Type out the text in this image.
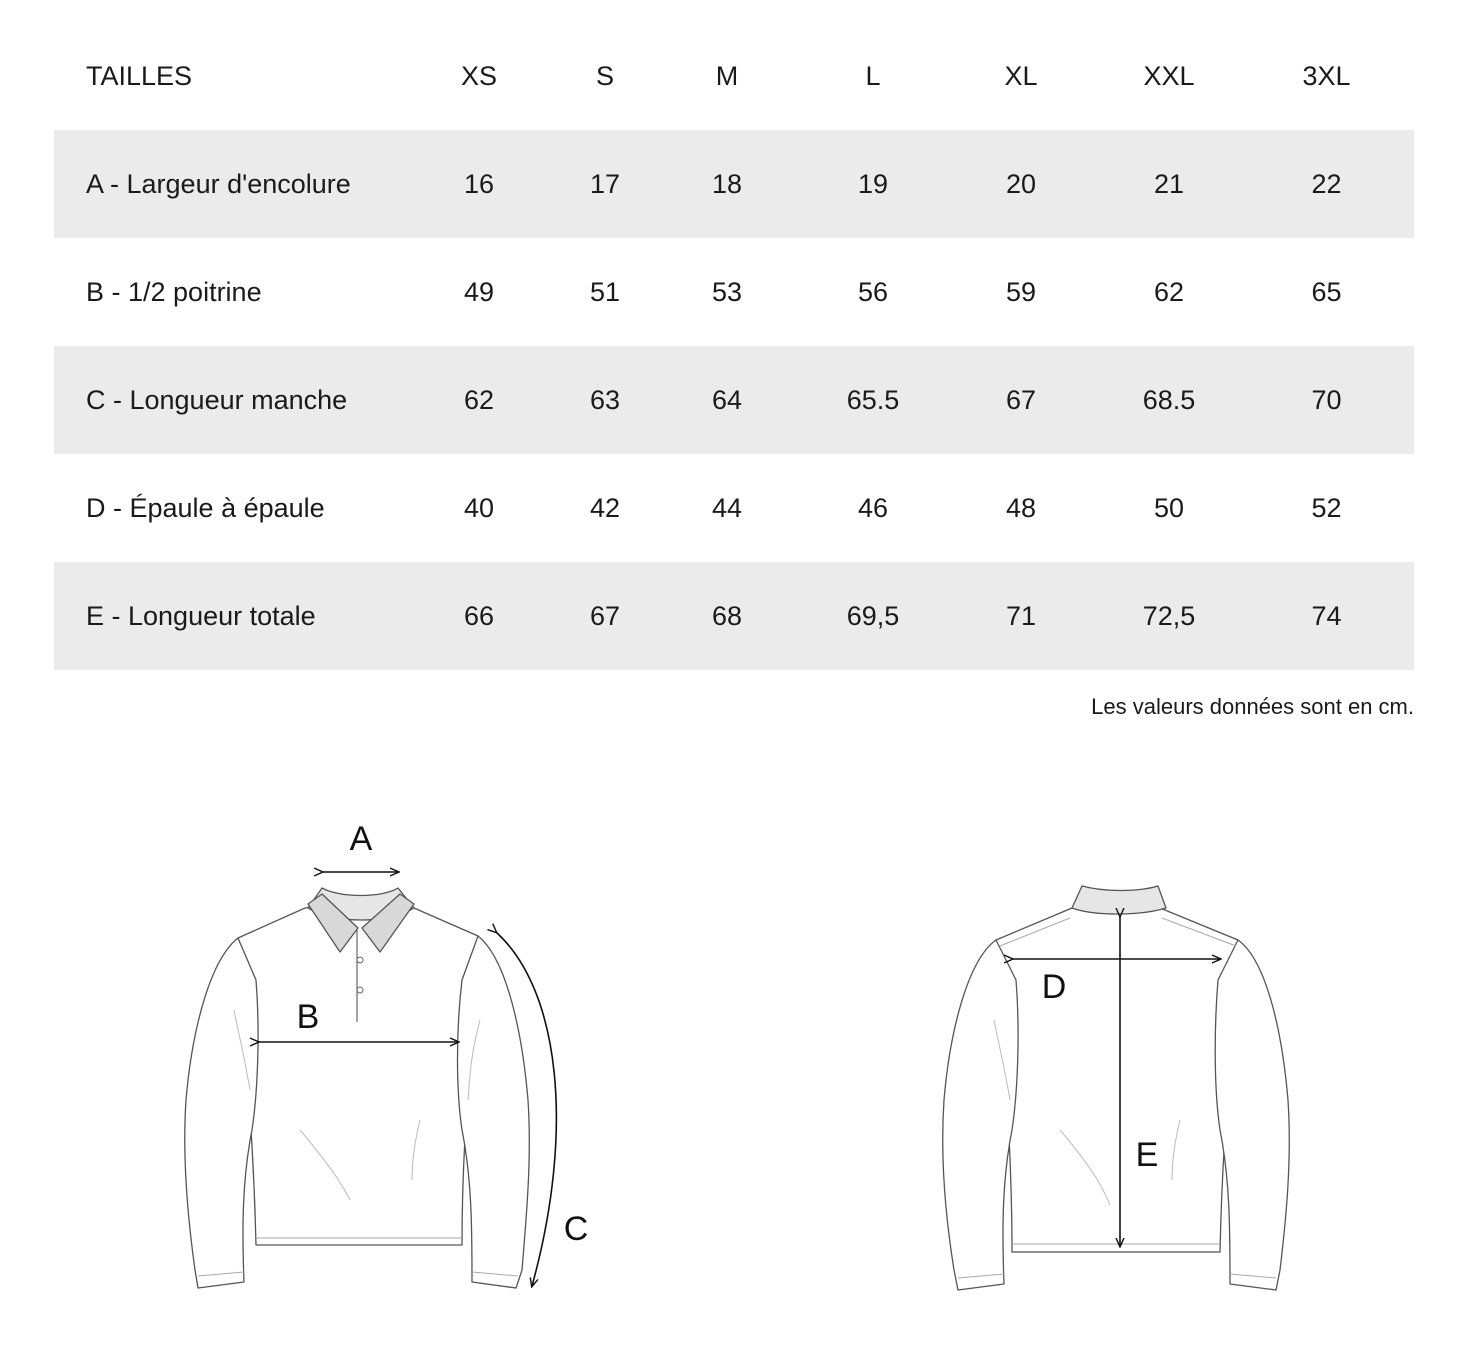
TAILLES	XS	S	M	L	XL	XXL	3XL
A - Largeur d'encolure	16	17	18	19	20	21	22
B - 1/2 poitrine	49	51	53	56	59	62	65
C - Longueur manche	62	63	64	65.5	67	68.5	70
D - Épaule à épaule	40	42	44	46	48	50	52
E - Longueur totale	66	67	68	69,5	71	72,5	74
Les valeurs données sont en cm.
A
B
C
D
E
